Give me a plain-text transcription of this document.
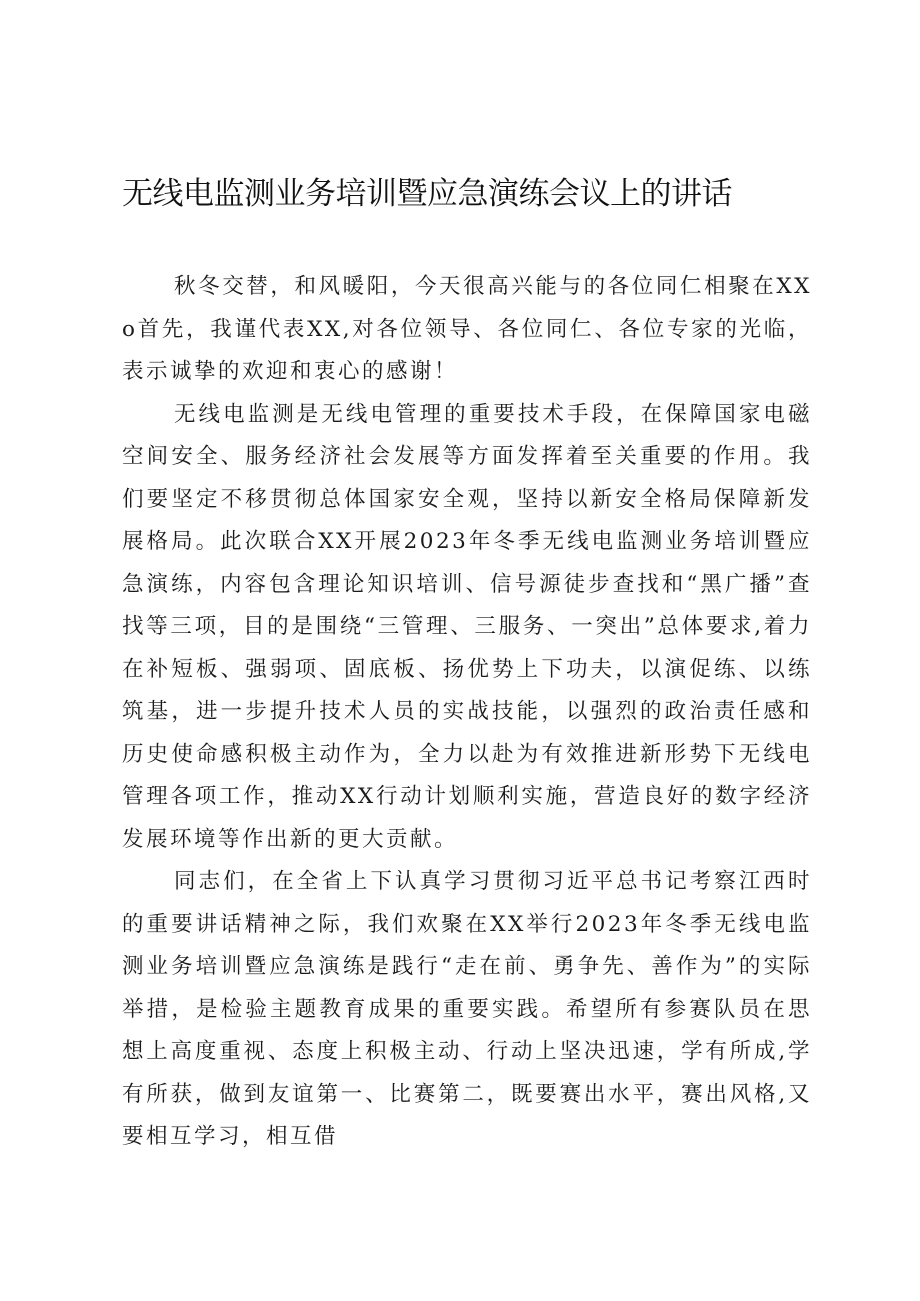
无线电监测业务培训暨应急演练会议上的讲话

秋冬交替，和风暖阳，今天很高兴能与的各位同仁相聚在XXo首先，我谨代表XX,对各位领导、各位同仁、各位专家的光临，表示诚挚的欢迎和衷心的感谢！

无线电监测是无线电管理的重要技术手段，在保障国家电磁空间安全、服务经济社会发展等方面发挥着至关重要的作用。我们要坚定不移贯彻总体国家安全观，坚持以新安全格局保障新发展格局。此次联合XX开展2023年冬季无线电监测业务培训暨应急演练，内容包含理论知识培训、信号源徒步查找和“黑广播”查找等三项，目的是围绕“三管理、三服务、一突出”总体要求,着力在补短板、强弱项、固底板、扬优势上下功夫，以演促练、以练筑基，进一步提升技术人员的实战技能，以强烈的政治责任感和历史使命感积极主动作为，全力以赴为有效推进新形势下无线电管理各项工作，推动XX行动计划顺利实施，营造良好的数字经济发展环境等作出新的更大贡献。

同志们，在全省上下认真学习贯彻习近平总书记考察江西时的重要讲话精神之际，我们欢聚在XX举行2023年冬季无线电监测业务培训暨应急演练是践行“走在前、勇争先、善作为”的实际举措，是检验主题教育成果的重要实践。希望所有参赛队员在思想上高度重视、态度上积极主动、行动上坚决迅速，学有所成,学有所获，做到友谊第一、比赛第二，既要赛出水平，赛出风格,又要相互学习，相互借
